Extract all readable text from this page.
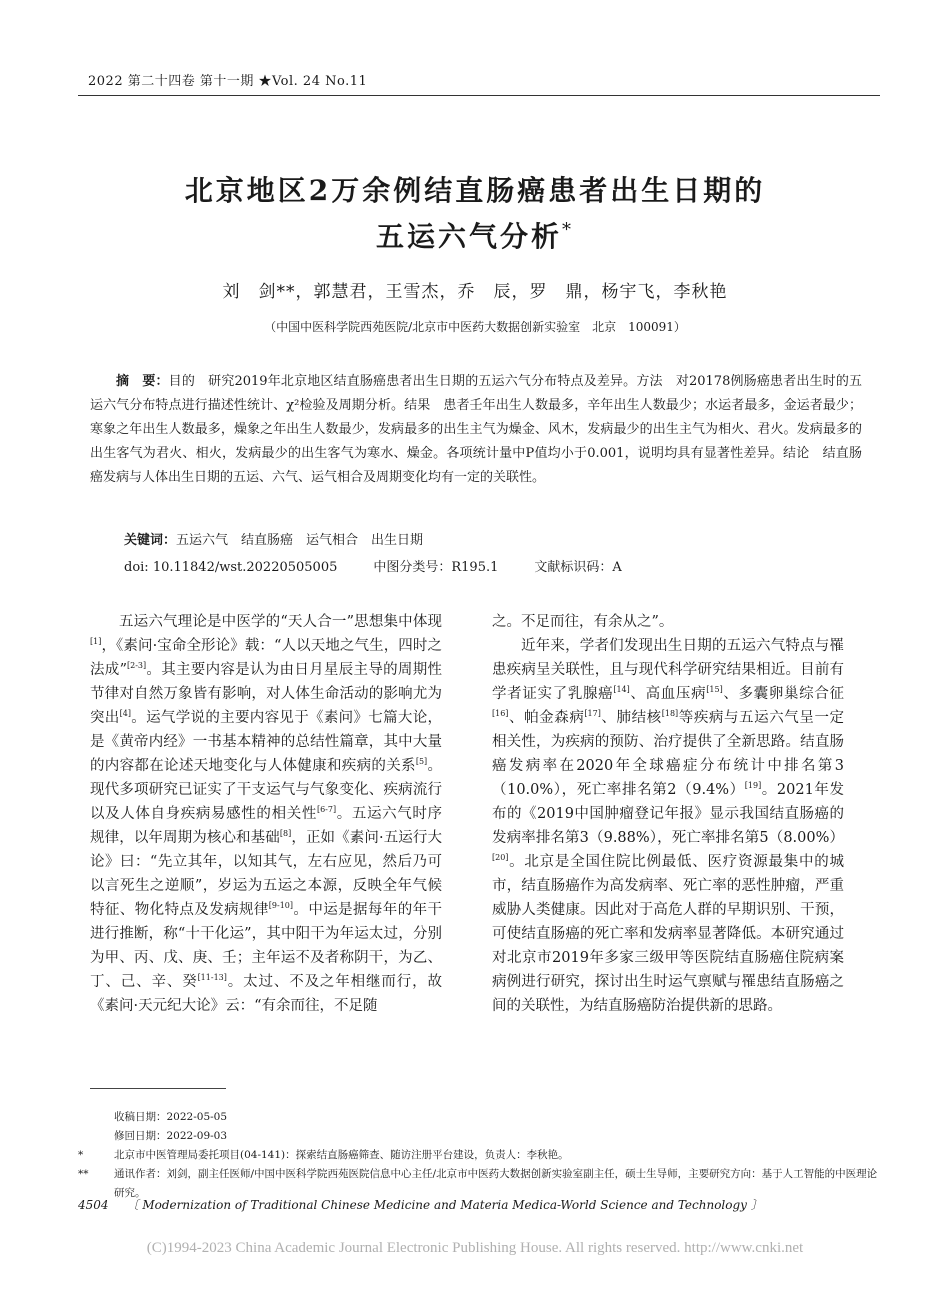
2022 第二十四卷 第十一期 ★Vol. 24 No.11
北京地区2万余例结直肠癌患者出生日期的
五运六气分析*
刘　剑**，郭慧君，王雪杰，乔　辰，罗　鼎，杨宇飞，李秋艳
（中国中医科学院西苑医院/北京市中医药大数据创新实验室　北京　100091）

摘　要：目的　研究2019年北京地区结直肠癌患者出生日期的五运六气分布特点及差异。方法　对20178例肠癌患者出生时的五运六气分布特点进行描述性统计、χ²检验及周期分析。结果　患者壬年出生人数最多，辛年出生人数最少；水运者最多，金运者最少；寒象之年出生人数最多，燥象之年出生人数最少，发病最多的出生主气为燥金、风木，发病最少的出生主气为相火、君火。发病最多的出生客气为君火、相火，发病最少的出生客气为寒水、燥金。各项统计量中P值均小于0.001，说明均具有显著性差异。结论　结直肠癌发病与人体出生日期的五运、六气、运气相合及周期变化均有一定的关联性。

关键词：五运六气　结直肠癌　运气相合　出生日期
doi: 10.11842/wst.20220505005	中图分类号：R195.1	文献标识码：A

五运六气理论是中医学的“天人合一”思想集中体现[1]，《素问·宝命全形论》载：“人以天地之气生，四时之法成”[2-3]。其主要内容是认为由日月星辰主导的周期性节律对自然万象皆有影响，对人体生命活动的影响尤为突出[4]。运气学说的主要内容见于《素问》七篇大论，是《黄帝内经》一书基本精神的总结性篇章，其中大量的内容都在论述天地变化与人体健康和疾病的关系[5]。现代多项研究已证实了干支运气与气象变化、疾病流行以及人体自身疾病易感性的相关性[6-7]。五运六气时序规律，以年周期为核心和基础[8]，正如《素问·五运行大论》曰：“先立其年，以知其气，左右应见，然后乃可以言死生之逆顺”，岁运为五运之本源，反映全年气候特征、物化特点及发病规律[9-10]。中运是据每年的年干进行推断，称“十干化运”，其中阳干为年运太过，分别为甲、丙、戊、庚、壬；主年运不及者称阴干，为乙、丁、己、辛、癸[11-13]。太过、不及之年相继而行，故《素问·天元纪大论》云：“有余而往，不足随

之。不足而往，有余从之”。

近年来，学者们发现出生日期的五运六气特点与罹患疾病呈关联性，且与现代科学研究结果相近。目前有学者证实了乳腺癌[14]、高血压病[15]、多囊卵巢综合征[16]、帕金森病[17]、肺结核[18]等疾病与五运六气呈一定相关性，为疾病的预防、治疗提供了全新思路。结直肠癌发病率在2020年全球癌症分布统计中排名第3（10.0%），死亡率排名第2（9.4%）[19]。2021年发布的《2019中国肿瘤登记年报》显示我国结直肠癌的发病率排名第3（9.88%），死亡率排名第5（8.00%）[20]。北京是全国住院比例最低、医疗资源最集中的城市，结直肠癌作为高发病率、死亡率的恶性肿瘤，严重威胁人类健康。因此对于高危人群的早期识别、干预，可使结直肠癌的死亡率和发病率显著降低。本研究通过对北京市2019年多家三级甲等医院结直肠癌住院病案病例进行研究，探讨出生时运气禀赋与罹患结直肠癌之间的关联性，为结直肠癌防治提供新的思路。

收稿日期：2022-05-05
修回日期：2022-09-03
*	北京市中医管理局委托项目(04-141)：探索结直肠癌筛查、随访注册平台建设，负责人：李秋艳。
** 通讯作者：刘剑，副主任医师/中国中医科学院西苑医院信息中心主任/北京市中医药大数据创新实验室副主任，硕士生导师，主要研究方向：基于人工智能的中医理论研究。
4504 〔 Modernization of Traditional Chinese Medicine and Materia Medica-World Science and Technology 〕
(C)1994-2023 China Academic Journal Electronic Publishing House. All rights reserved. http://www.cnki.net
